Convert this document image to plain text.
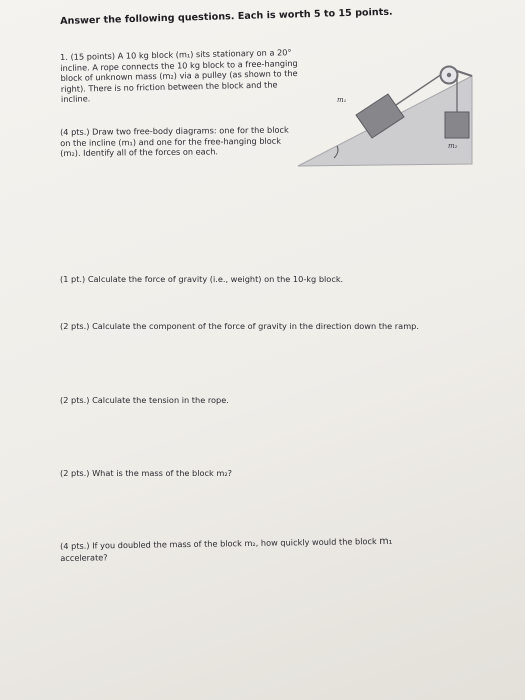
Answer the following questions. Each is worth 5 to 15 points.
1. (15 points) A 10 kg block (m₁) sits stationary on a 20° incline. A rope connects the 10 kg block to a free-hanging block of unknown mass (m₂) via a pulley (as shown to the right). There is no friction between the block and the incline.
(4 pts.) Draw two free-body diagrams: one for the block on the incline (m₁) and one for the free-hanging block (m₂). Identify all of the forces on each.
m₁
m₂
(1 pt.) Calculate the force of gravity (i.e., weight) on the 10-kg block.
(2 pts.) Calculate the component of the force of gravity in the direction down the ramp.
(2 pts.) Calculate the tension in the rope.
(2 pts.) What is the mass of the block m₂?
(4 pts.) If you doubled the mass of the block m₂, how quickly would the block m₁
accelerate?
